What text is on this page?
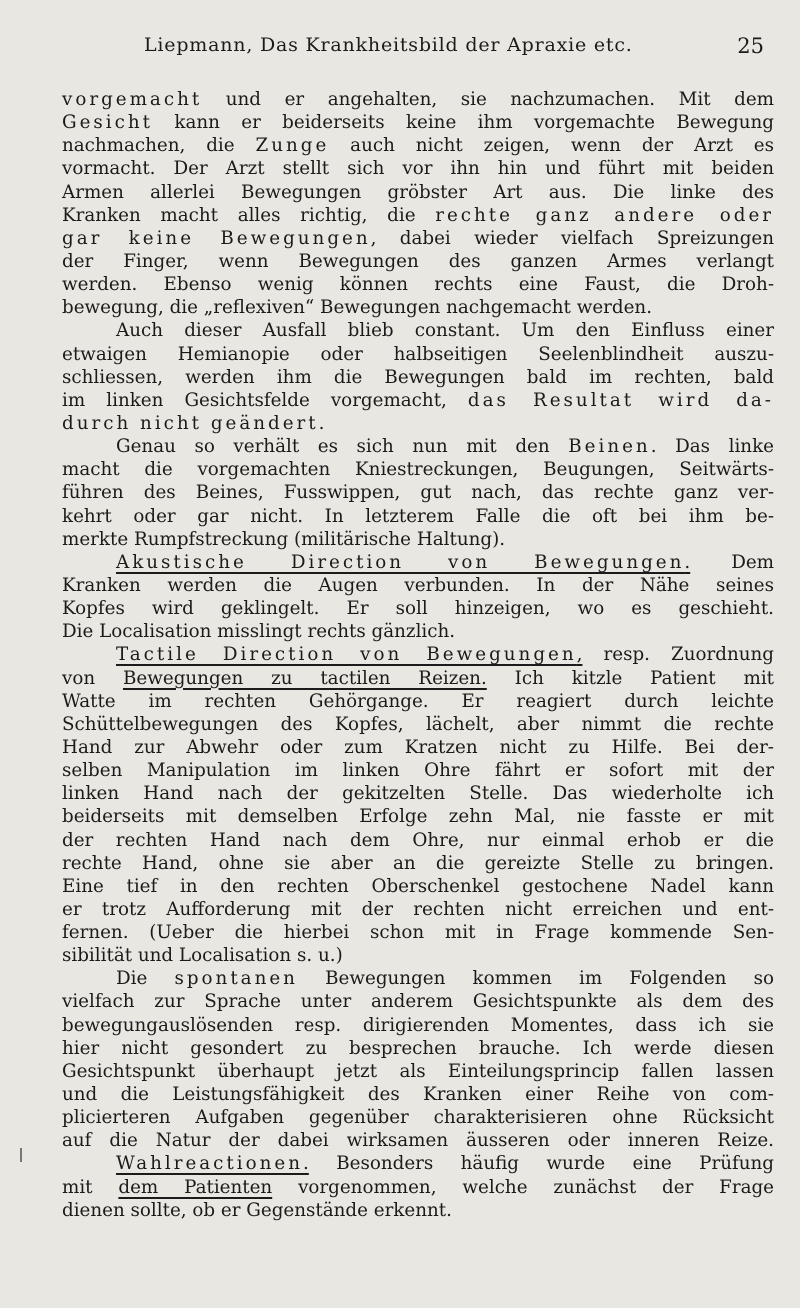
Liepmann, Das Krankheitsbild der Apraxie etc.	25
vorgemacht und er angehalten, sie nachzumachen. Mit dem
Gesicht kann er beiderseits keine ihm vorgemachte Bewegung
nachmachen, die Zunge auch nicht zeigen, wenn der Arzt es
vormacht. Der Arzt stellt sich vor ihn hin und führt mit beiden
Armen allerlei Bewegungen gröbster Art aus. Die linke des
Kranken macht alles richtig, die rechte ganz andere oder
gar keine Bewegungen, dabei wieder vielfach Spreizungen
der Finger, wenn Bewegungen des ganzen Armes verlangt
werden. Ebenso wenig können rechts eine Faust, die Droh-
bewegung, die „reflexiven“ Bewegungen nachgemacht werden.
Auch dieser Ausfall blieb constant. Um den Einfluss einer
etwaigen Hemianopie oder halbseitigen Seelenblindheit auszu-
schliessen, werden ihm die Bewegungen bald im rechten, bald
im linken Gesichtsfelde vorgemacht, das Resultat wird da-
durch nicht geändert.
Genau so verhält es sich nun mit den Beinen. Das linke
macht die vorgemachten Kniestreckungen, Beugungen, Seitwärts-
führen des Beines, Fusswippen, gut nach, das rechte ganz ver-
kehrt oder gar nicht. In letzterem Falle die oft bei ihm be-
merkte Rumpfstreckung (militärische Haltung).
Akustische Direction von Bewegungen. Dem
Kranken werden die Augen verbunden. In der Nähe seines
Kopfes wird geklingelt. Er soll hinzeigen, wo es geschieht.
Die Localisation misslingt rechts gänzlich.
Tactile Direction von Bewegungen, resp. Zuordnung
von Bewegungen zu tactilen Reizen. Ich kitzle Patient mit
Watte im rechten Gehörgange. Er reagiert durch leichte
Schüttelbewegungen des Kopfes, lächelt, aber nimmt die rechte
Hand zur Abwehr oder zum Kratzen nicht zu Hilfe. Bei der-
selben Manipulation im linken Ohre fährt er sofort mit der
linken Hand nach der gekitzelten Stelle. Das wiederholte ich
beiderseits mit demselben Erfolge zehn Mal, nie fasste er mit
der rechten Hand nach dem Ohre, nur einmal erhob er die
rechte Hand, ohne sie aber an die gereizte Stelle zu bringen.
Eine tief in den rechten Oberschenkel gestochene Nadel kann
er trotz Aufforderung mit der rechten nicht erreichen und ent-
fernen. (Ueber die hierbei schon mit in Frage kommende Sen-
sibilität und Localisation s. u.)
Die spontanen Bewegungen kommen im Folgenden so
vielfach zur Sprache unter anderem Gesichtspunkte als dem des
bewegungauslösenden resp. dirigierenden Momentes, dass ich sie
hier nicht gesondert zu besprechen brauche. Ich werde diesen
Gesichtspunkt überhaupt jetzt als Einteilungsprincip fallen lassen
und die Leistungsfähigkeit des Kranken einer Reihe von com-
plicierteren Aufgaben gegenüber charakterisieren ohne Rücksicht
auf die Natur der dabei wirksamen äusseren oder inneren Reize.
Wahlreactionen. Besonders häufig wurde eine Prüfung
mit dem Patienten vorgenommen, welche zunächst der Frage
dienen sollte, ob er Gegenstände erkennt.
